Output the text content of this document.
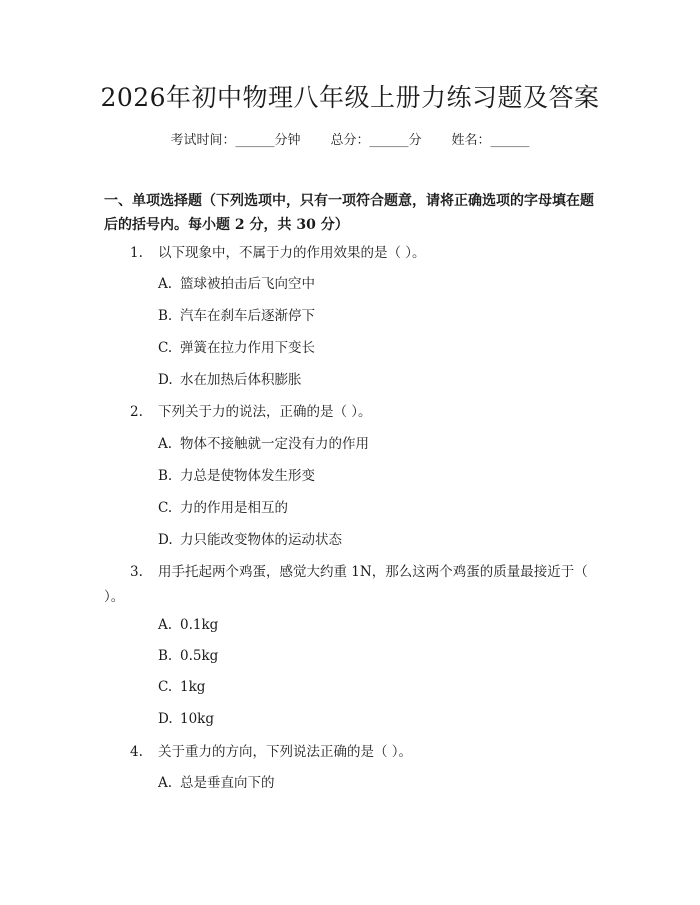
2026年初中物理八年级上册力练习题及答案
考试时间：______分钟 总分：______分 姓名：______
一、单项选择题（下列选项中，只有一项符合题意，请将正确选项的字母填在题后的括号内。每小题 2 分，共 30 分）
1. 以下现象中，不属于力的作用效果的是（ ）。
A. 篮球被拍击后飞向空中
B. 汽车在刹车后逐渐停下
C. 弹簧在拉力作用下变长
D. 水在加热后体积膨胀
2. 下列关于力的说法，正确的是（ ）。
A. 物体不接触就一定没有力的作用
B. 力总是使物体发生形变
C. 力的作用是相互的
D. 力只能改变物体的运动状态
3. 用手托起两个鸡蛋，感觉大约重 1N，那么这两个鸡蛋的质量最接近于（ ）。
A. 0.1kg
B. 0.5kg
C. 1kg
D. 10kg
4. 关于重力的方向，下列说法正确的是（ ）。
A. 总是垂直向下的
